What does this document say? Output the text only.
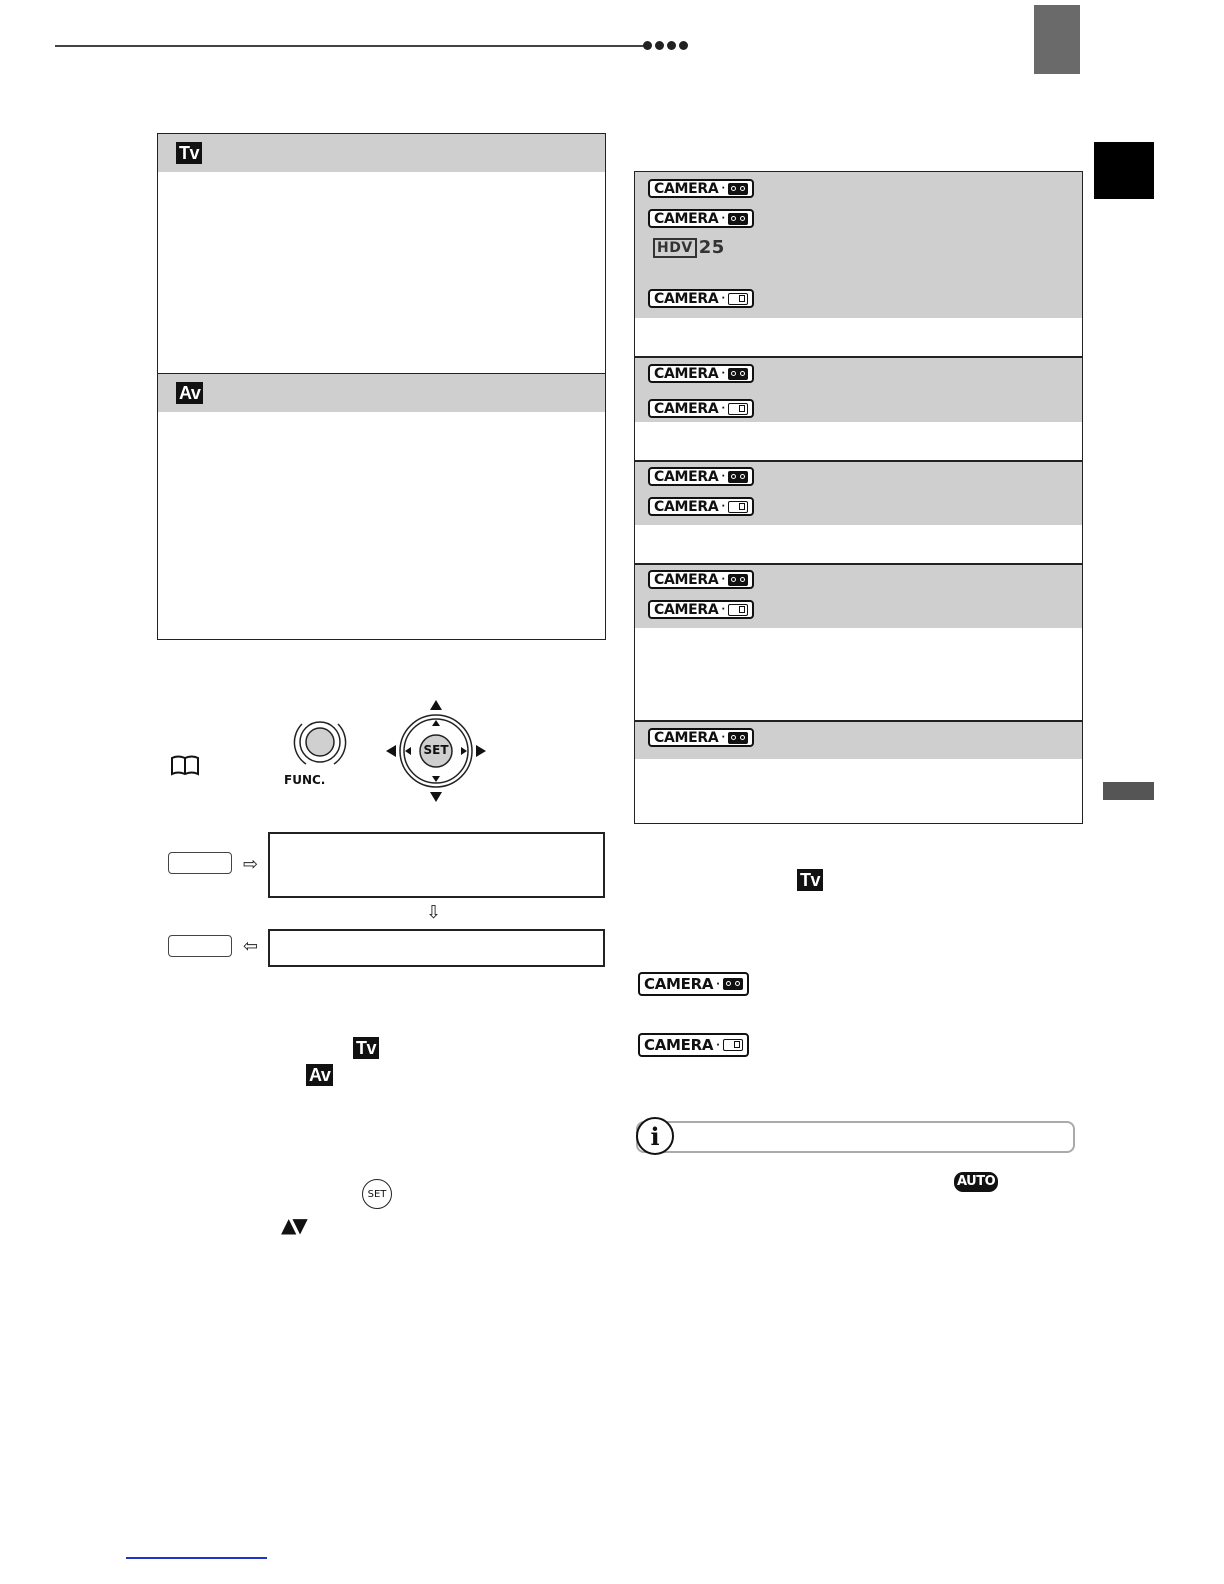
Tv
Av
CAMERA ·
CAMERA ·
HDV 25
CAMERA ·
CAMERA ·
CAMERA ·
CAMERA ·
CAMERA ·
CAMERA ·
CAMERA ·
CAMERA ·
FUNC.
SET
⇨
⇩
⇦
Tv
Av
SET
▲▼
Tv
CAMERA ·
CAMERA ·
i
AUTO
